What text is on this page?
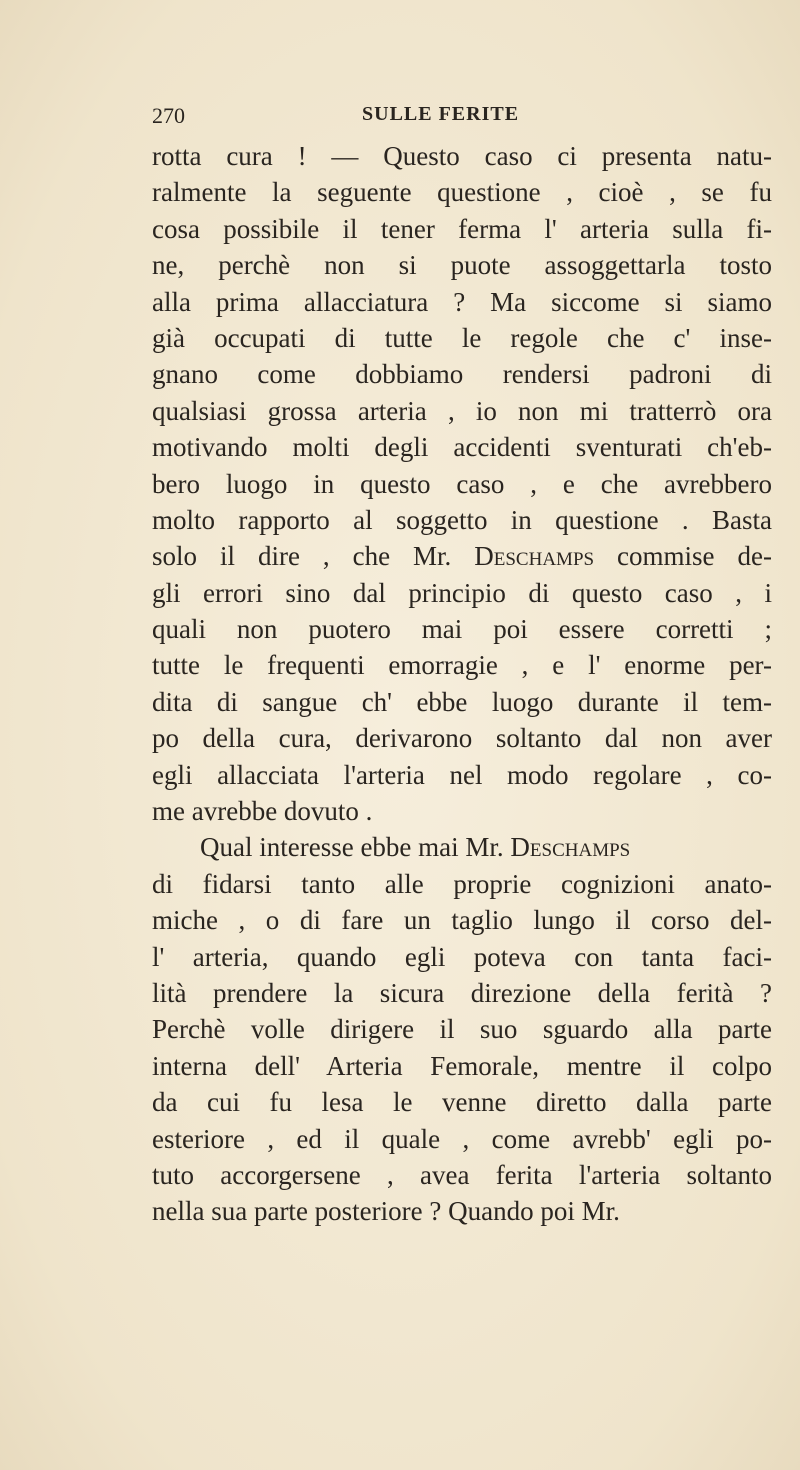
270	SULLE FERITE
rotta cura ! — Questo caso ci presenta natu-
ralmente la seguente questione , cioè , se fu
cosa possibile il tener ferma l' arteria sulla fi-
ne, perchè non si puote assoggettarla tosto
alla prima allacciatura ? Ma siccome si siamo
già occupati di tutte le regole che c' inse-
gnano come dobbiamo rendersi padroni di
qualsiasi grossa arteria , io non mi tratterrò ora
motivando molti degli accidenti sventurati ch'eb-
bero luogo in questo caso , e che avrebbero
molto rapporto al soggetto in questione . Basta
solo il dire , che Mr. Deschamps commise de-
gli errori sino dal principio di questo caso , i
quali non puotero mai poi essere corretti ;
tutte le frequenti emorragie , e l' enorme per-
dita di sangue ch' ebbe luogo durante il tem-
po della cura, derivarono soltanto dal non aver
egli allacciata l'arteria nel modo regolare , co-
me avrebbe dovuto .
Qual interesse ebbe mai Mr. Deschamps
di fidarsi tanto alle proprie cognizioni anato-
miche , o di fare un taglio lungo il corso del-
l' arteria, quando egli poteva con tanta faci-
lità prendere la sicura direzione della ferità ?
Perchè volle dirigere il suo sguardo alla parte
interna dell' Arteria Femorale, mentre il colpo
da cui fu lesa le venne diretto dalla parte
esteriore , ed il quale , come avrebb' egli po-
tuto accorgersene , avea ferita l'arteria soltanto
nella sua parte posteriore ? Quando poi Mr.
